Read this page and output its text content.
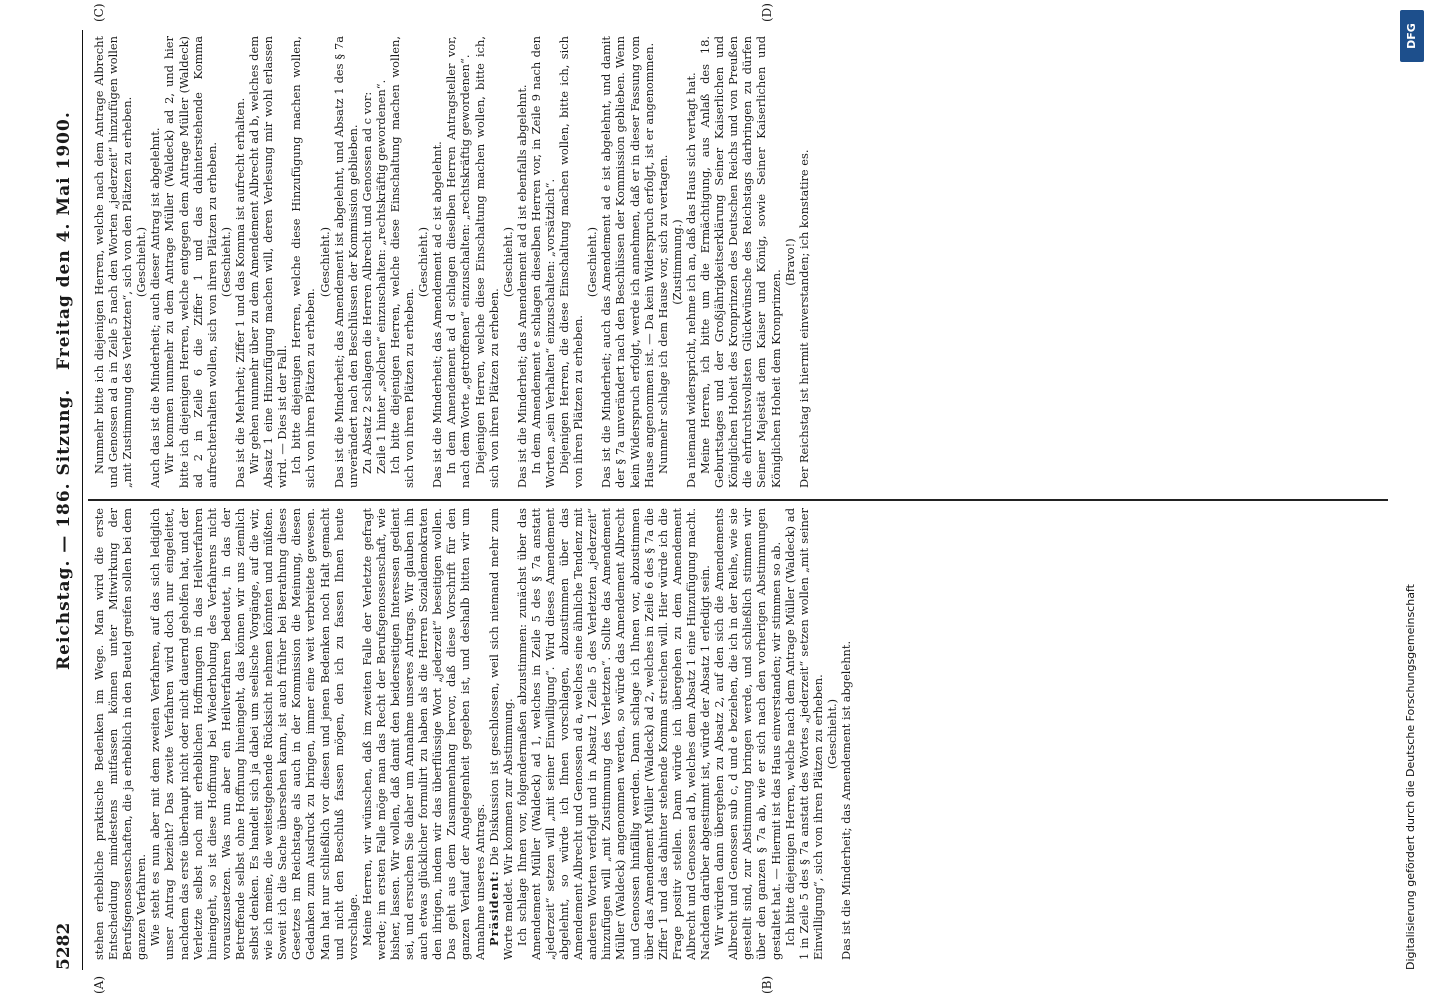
5282
Reichstag. — 186. Sitzung.
Freitag den 4. Mai 1900.
(A)	(B)
(C)	(D)

stehen erhebliche praktische Bedenken im Wege. Man wird die erste Entscheidung mindestens mitfassen können unter Mitwirkung der Berufsgenossenschaften, die ja erheblich in den Beutel greifen sollen bei dem ganzen Verfahren. Wie steht es nun aber mit dem zweiten Verfahren, auf das sich lediglich unser Antrag bezieht? Das zweite Verfahren wird doch nur eingeleitet, nachdem das erste überhaupt nicht oder nicht dauernd geholfen hat, und der Verletzte selbst noch mit erheblichen Hoffnungen in das Heilverfahren hineingeht, so ist diese Hoffnung bei Wiederholung des Verfahrens nicht vorauszusetzen. Was nun aber ein Heilverfahren bedeutet, in das der Betreffende selbst ohne Hoffnung hineingeht, das können wir uns ziemlich selbst denken. Es handelt sich ja dabei um seelische Vorgänge, auf die wir, wie ich meine, die weitestgehende Rücksicht nehmen könnten und müßten. Soweit ich die Sache übersehen kann, ist auch früher bei Berathung dieses Gesetzes im Reichstage als auch in der Kommission die Meinung, diesen Gedanken zum Ausdruck zu bringen, immer eine weit verbreitete gewesen. Man hat nur schließlich vor diesen und jenen Bedenken noch Halt gemacht und nicht den Beschluß fassen mögen, den ich zu fassen Ihnen heute vorschlage. Meine Herren, wir wünschen, daß im zweiten Falle der Verletzte gefragt werde; im ersten Falle möge man das Recht der Berufsgenossenschaft, wie bisher, lassen. Wir wollen, daß damit den beiderseitigen Interessen gedient sei, und ersuchen Sie daher um Annahme unseres Antrags. Wir glauben ihn auch etwas glücklicher formulirt zu haben als die Herren Sozialdemokraten den ihrigen, indem wir das überflüssige Wort „jederzeit“ beseitigen wollen. Das geht aus dem Zusammenhang hervor, daß diese Vorschrift für den ganzen Verlauf der Angelegenheit gegeben ist, und deshalb bitten wir um Annahme unseres Antrags. Präsident: Die Diskussion ist geschlossen, weil sich niemand mehr zum Worte meldet. Wir kommen zur Abstimmung. Ich schlage Ihnen vor, folgendermaßen abzustimmen: zunächst über das Amendement Müller (Waldeck) ad 1, welches in Zeile 5 des § 7a anstatt „jederzeit“ setzen will „mit seiner Einwilligung“. Wird dieses Amendement abgelehnt, so würde ich Ihnen vorschlagen, abzustimmen über das Amendement Albrecht und Genossen ad a, welches eine ähnliche Tendenz mit anderen Worten verfolgt und in Absatz 1 Zeile 5 des Verletzten „jederzeit“ hinzufügen will „mit Zustimmung des Verletzten“. Sollte das Amendement Müller (Waldeck) angenommen werden, so würde das Amendement Albrecht und Genossen hinfällig werden. Dann schlage ich Ihnen vor, abzustimmen über das Amendement Müller (Waldeck) ad 2, welches in Zeile 6 des § 7a die Ziffer 1 und das dahinter stehende Komma streichen will. Hier würde ich die Frage positiv stellen. Dann würde ich übergehen zu dem Amendement Albrecht und Genossen ad b, welches dem Absatz 1 eine Hinzufügung macht. Nachdem darüber abgestimmt ist, würde der Absatz 1 erledigt sein. Wir würden dann übergehen zu Absatz 2, auf den sich die Amendements Albrecht und Genossen sub c, d und e beziehen, die ich in der Reihe, wie sie gestellt sind, zur Abstimmung bringen werde, und schließlich stimmen wir über den ganzen § 7a ab, wie er sich nach den vorherigen Abstimmungen gestaltet hat. — Hiermit ist das Haus einverstanden; wir stimmen so ab. Ich bitte diejenigen Herren, welche nach dem Antrage Müller (Waldeck) ad 1 in Zeile 5 des § 7a anstatt des Wortes „jederzeit“ setzen wollen „mit seiner Einwilligung“, sich von ihren Plätzen zu erheben. (Geschieht.) Das ist die Minderheit; das Amendement ist abgelehnt.

Nunmehr bitte ich diejenigen Herren, welche nach dem Antrage Albrecht und Genossen ad a in Zeile 5 nach den Worten „jederzeit“ hinzufügen wollen „mit Zustimmung des Verletzten“, sich von den Plätzen zu erheben. (Geschieht.) Auch das ist die Minderheit; auch dieser Antrag ist abgelehnt. Wir kommen nunmehr zu dem Antrage Müller (Waldeck) ad 2, und hier bitte ich diejenigen Herren, welche entgegen dem Antrage Müller (Waldeck) ad 2 in Zeile 6 die Ziffer 1 und das dahinterstehende Komma aufrechterhalten wollen, sich von ihren Plätzen zu erheben. (Geschieht.) Das ist die Mehrheit; Ziffer 1 und das Komma ist aufrecht erhalten. Wir gehen nunmehr über zu dem Amendement Albrecht ad b, welches dem Absatz 1 eine Hinzufügung machen will, deren Verlesung mir wohl erlassen wird. — Dies ist der Fall. Ich bitte diejenigen Herren, welche diese Hinzufügung machen wollen, sich von ihren Plätzen zu erheben.

(Geschieht.) Das ist die Minderheit; das Amendement ist abgelehnt, und Absatz 1 des § 7a unverändert nach den Beschlüssen der Kommission geblieben. Zu Absatz 2 schlagen die Herren Albrecht und Genossen ad c vor: Zeile 1 hinter „solchen“ einzuschalten: „rechtskräftig gewordenen“. Ich bitte diejenigen Herren, welche diese Einschaltung machen wollen, sich von ihren Plätzen zu erheben.

(Geschieht.) Das ist die Minderheit; das Amendement ad c ist abgelehnt. In dem Amendement ad d schlagen dieselben Herren Antragsteller vor, nach dem Worte „getroffenen“ einzuschalten: „rechtskräftig gewordenen“. Diejenigen Herren, welche diese Einschaltung machen wollen, bitte ich, sich von ihren Plätzen zu erheben.

(Geschieht.) Das ist die Minderheit; das Amendement ad d ist ebenfalls abgelehnt. In dem Amendement e schlagen dieselben Herren vor, in Zeile 9 nach den Worten „sein Verhalten“ einzuschalten: „vorsätzlich“. Diejenigen Herren, die diese Einschaltung machen wollen, bitte ich, sich von ihren Plätzen zu erheben.

(Geschieht.) Das ist die Minderheit; auch das Amendement ad e ist abgelehnt, und damit der § 7a unverändert nach den Beschlüssen der Kommission geblieben. Wenn kein Widerspruch erfolgt, werde ich annehmen, daß er in dieser Fassung vom Hause angenommen ist. — Da kein Widerspruch erfolgt, ist er angenommen. Nunmehr schlage ich dem Hause vor, sich zu vertagen. (Zustimmung.) Da niemand widerspricht, nehme ich an, daß das Haus sich vertagt hat. Meine Herren, ich bitte um die Ermächtigung, aus Anlaß des 18. Geburtstages und der Großjährigkeitserklärung Seiner Kaiserlichen und Königlichen Hoheit des Kronprinzen des Deutschen Reichs und von Preußen die ehrfurchtsvollsten Glückwünsche des Reichstags darbringen zu dürfen Seiner Majestät dem Kaiser und König, sowie Seiner Kaiserlichen und Königlichen Hoheit dem Kronprinzen.

(Bravo!) Der Reichstag ist hiermit einverstanden; ich konstatire es.

DFG
Digitalisierung gefördert durch die Deutsche Forschungsgemeinschaft
